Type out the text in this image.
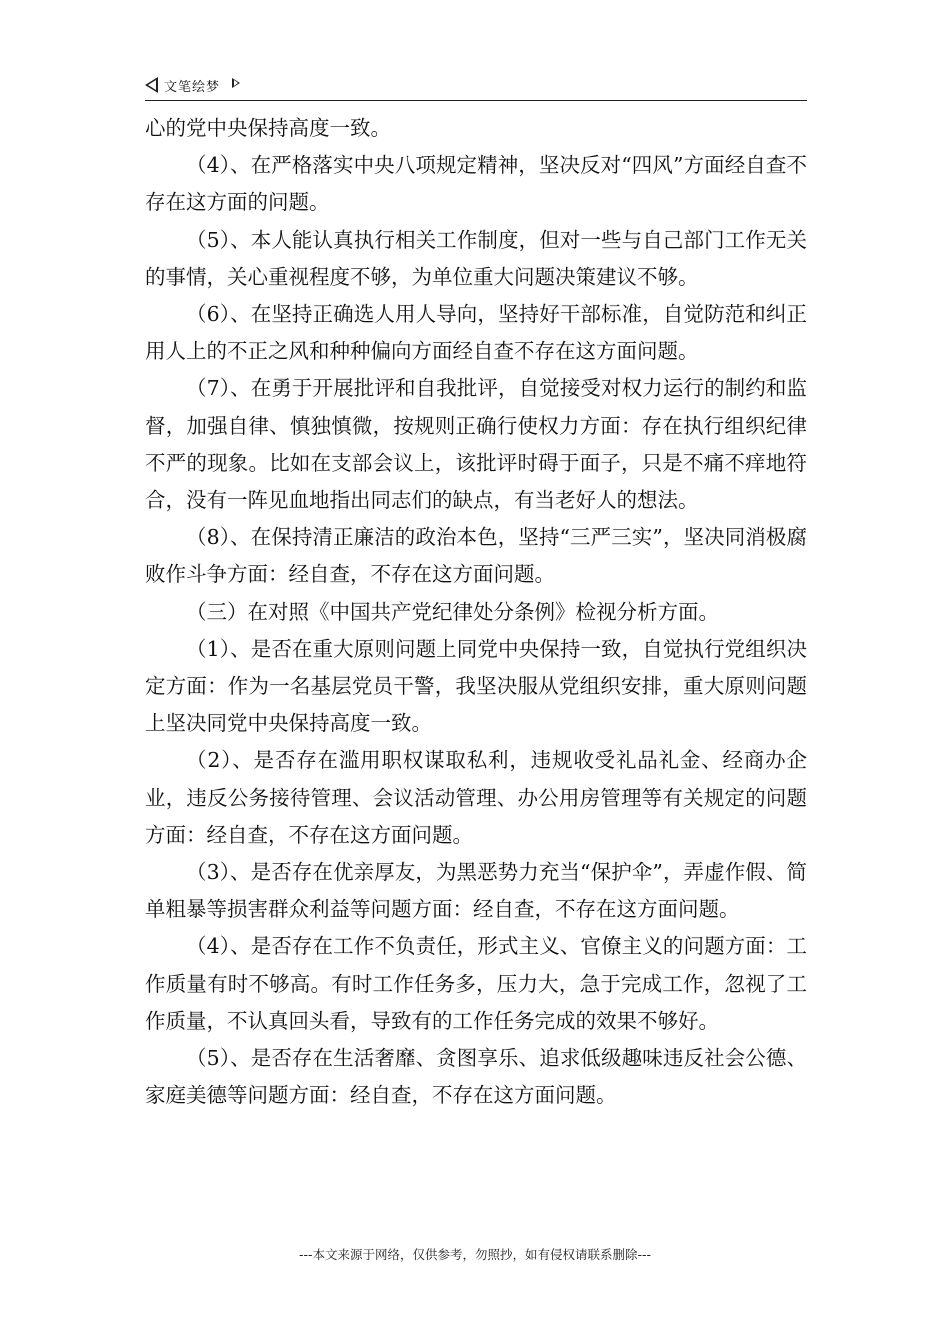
文笔绘梦

心的党中央保持高度一致。

（4）、在严格落实中央八项规定精神，坚决反对“四风”方面经自查不存在这方面的问题。

（5）、本人能认真执行相关工作制度，但对一些与自己部门工作无关的事情，关心重视程度不够，为单位重大问题决策建议不够。

（6）、在坚持正确选人用人导向，坚持好干部标准，自觉防范和纠正用人上的不正之风和种种偏向方面经自查不存在这方面问题。

（7）、在勇于开展批评和自我批评，自觉接受对权力运行的制约和监督，加强自律、慎独慎微，按规则正确行使权力方面：存在执行组织纪律不严的现象。比如在支部会议上，该批评时碍于面子，只是不痛不痒地符合，没有一阵见血地指出同志们的缺点，有当老好人的想法。

（8）、在保持清正廉洁的政治本色，坚持“三严三实”，坚决同消极腐败作斗争方面：经自查，不存在这方面问题。

（三）在对照《中国共产党纪律处分条例》检视分析方面。

（1）、是否在重大原则问题上同党中央保持一致，自觉执行党组织决定方面：作为一名基层党员干警，我坚决服从党组织安排，重大原则问题上坚决同党中央保持高度一致。

（2）、是否存在滥用职权谋取私利，违规收受礼品礼金、经商办企业，违反公务接待管理、会议活动管理、办公用房管理等有关规定的问题方面：经自查，不存在这方面问题。

（3）、是否存在优亲厚友，为黑恶势力充当“保护伞”，弄虚作假、简单粗暴等损害群众利益等问题方面：经自查，不存在这方面问题。

（4）、是否存在工作不负责任，形式主义、官僚主义的问题方面：工作质量有时不够高。有时工作任务多，压力大，急于完成工作，忽视了工作质量，不认真回头看，导致有的工作任务完成的效果不够好。

（5）、是否存在生活奢靡、贪图享乐、追求低级趣味违反社会公德、家庭美德等问题方面：经自查，不存在这方面问题。

---本文来源于网络，仅供参考，勿照抄，如有侵权请联系删除---
